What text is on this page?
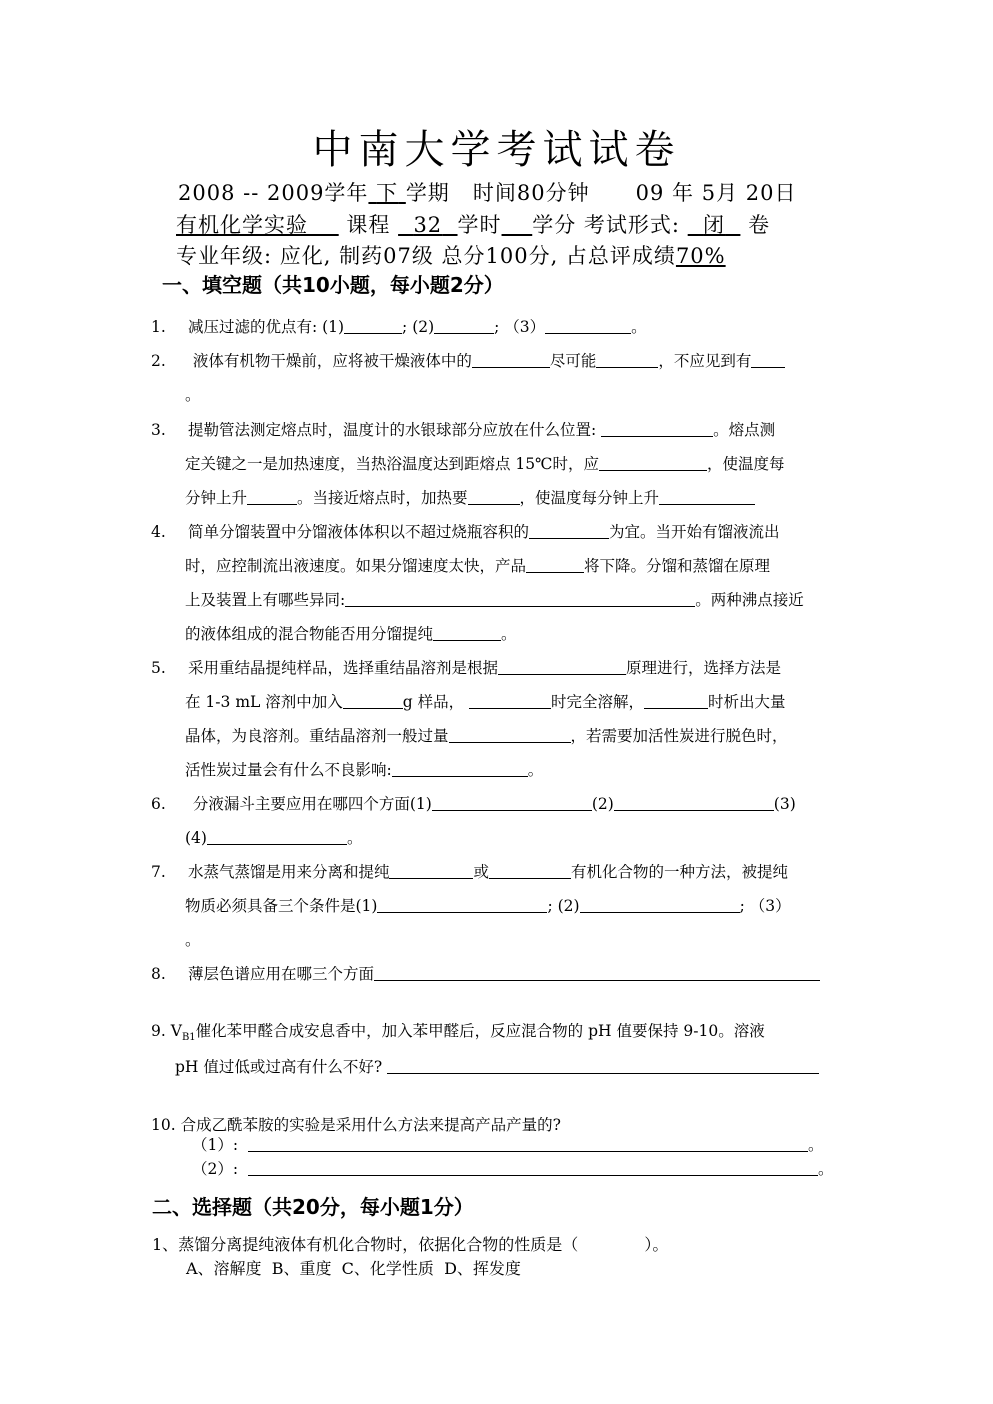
中南大学考试试卷
2008 -- 2009学年 下 学期 时间80分钟 09 年 5月 20日
有机化学实验 课程 32 学时 学分 考试形式: 闭 卷
专业年级: 应化, 制药07级 总分100分, 占总评成绩70%
一、填空题（共10小题，每小题2分）
1. 减压过滤的优点有: (1)	; (2)	; （3）	。
2. 液体有机物干燥前，应将被干燥液体中的	尽可能	，不应见到有
。
3. 提勒管法测定熔点时，温度计的水银球部分应放在什么位置:	。熔点测
定关键之一是加热速度，当热浴温度达到距熔点 15℃时，应	，使温度每
分钟上升	。当接近熔点时，加热要	，使温度每分钟上升
4. 简单分馏装置中分馏液体体积以不超过烧瓶容积的	为宜。当开始有馏液流出
时，应控制流出液速度。如果分馏速度太快，产品	将下降。分馏和蒸馏在原理
上及装置上有哪些异同:	。两种沸点接近
的液体组成的混合物能否用分馏提纯	。
5. 采用重结晶提纯样品，选择重结晶溶剂是根据	原理进行，选择方法是
在 1-3 mL 溶剂中加入	g 样品，	时完全溶解，	时析出大量
晶体，为良溶剂。重结晶溶剂一般过量	，若需要加活性炭进行脱色时，
活性炭过量会有什么不良影响:	。
6. 分液漏斗主要应用在哪四个方面(1)	(2)	(3)
(4)	。
7. 水蒸气蒸馏是用来分离和提纯	或	有机化合物的一种方法，被提纯
物质必须具备三个条件是(1)	; (2)	; （3）
。
8. 薄层色谱应用在哪三个方面
9. $V_{B1}$催化苯甲醛合成安息香中，加入苯甲醛后，反应混合物的 pH 值要保持 9-10。溶液
pH 值过低或过高有什么不好?
10. 合成乙酰苯胺的实验是采用什么方法来提高产品产量的?
（1）:	。
（2）:	。
二、选择题（共20分，每小题1分）
1、蒸馏分离提纯液体有机化合物时，依据化合物的性质是（	）。
A、溶解度  B、重度  C、化学性质  D、挥发度
